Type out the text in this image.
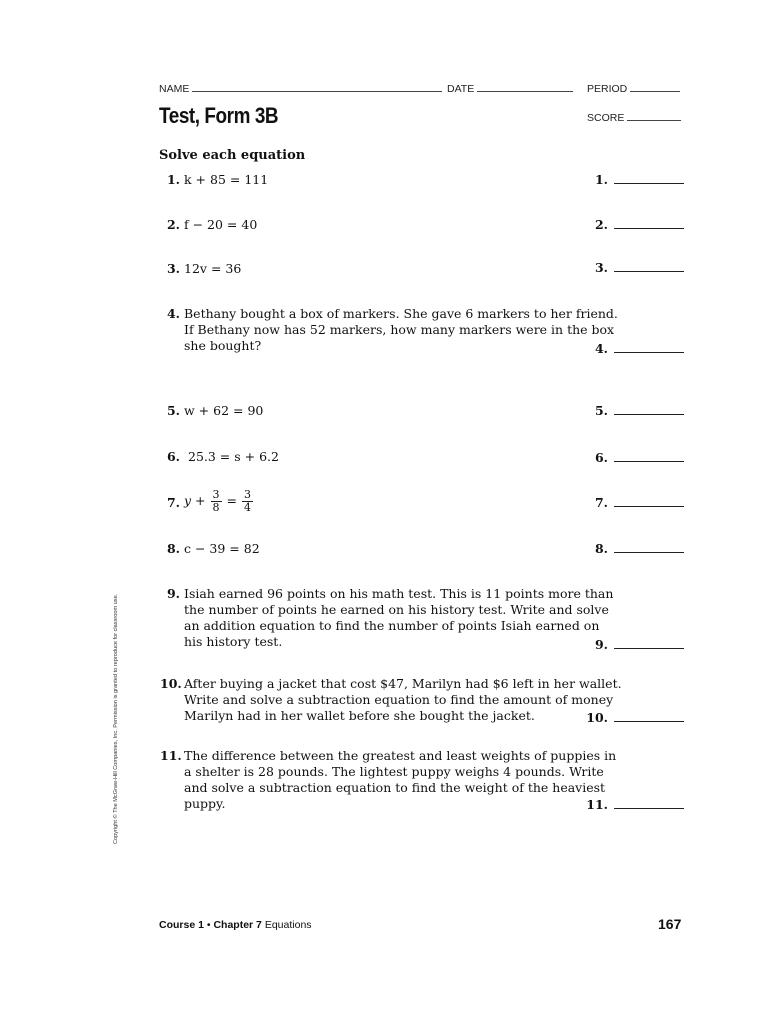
NAME	DATE	PERIOD
SCORE
Test, Form 3B
Solve each equation
1. k + 85 = 111
2. f − 20 = 40
3. 12v = 36
4. Bethany bought a box of markers. She gave 6 markers to her friend.
If Bethany now has 52 markers, how many markers were in the box
she bought?
5. w + 62 = 90
6. 25.3 = s + 6.2
7. $y + \frac{3}{8} = \frac{3}{4}$
8. c − 39 = 82
9. Isiah earned 96 points on his math test. This is 11 points more than
the number of points he earned on his history test. Write and solve
an addition equation to find the number of points Isiah earned on
his history test.
10. After buying a jacket that cost $47, Marilyn had $6 left in her wallet.
Write and solve a subtraction equation to find the amount of money
Marilyn had in her wallet before she bought the jacket.
11. The difference between the greatest and least weights of puppies in
a shelter is 28 pounds. The lightest puppy weighs 4 pounds. Write
and solve a subtraction equation to find the weight of the heaviest
puppy.
1.
2.
3.
4.
5.
6.
7.
8.
9.
10.
11.
Copyright © The McGraw-Hill Companies, Inc. Permission is granted to reproduce for classroom use.
Course 1 • Chapter 7 Equations	167
